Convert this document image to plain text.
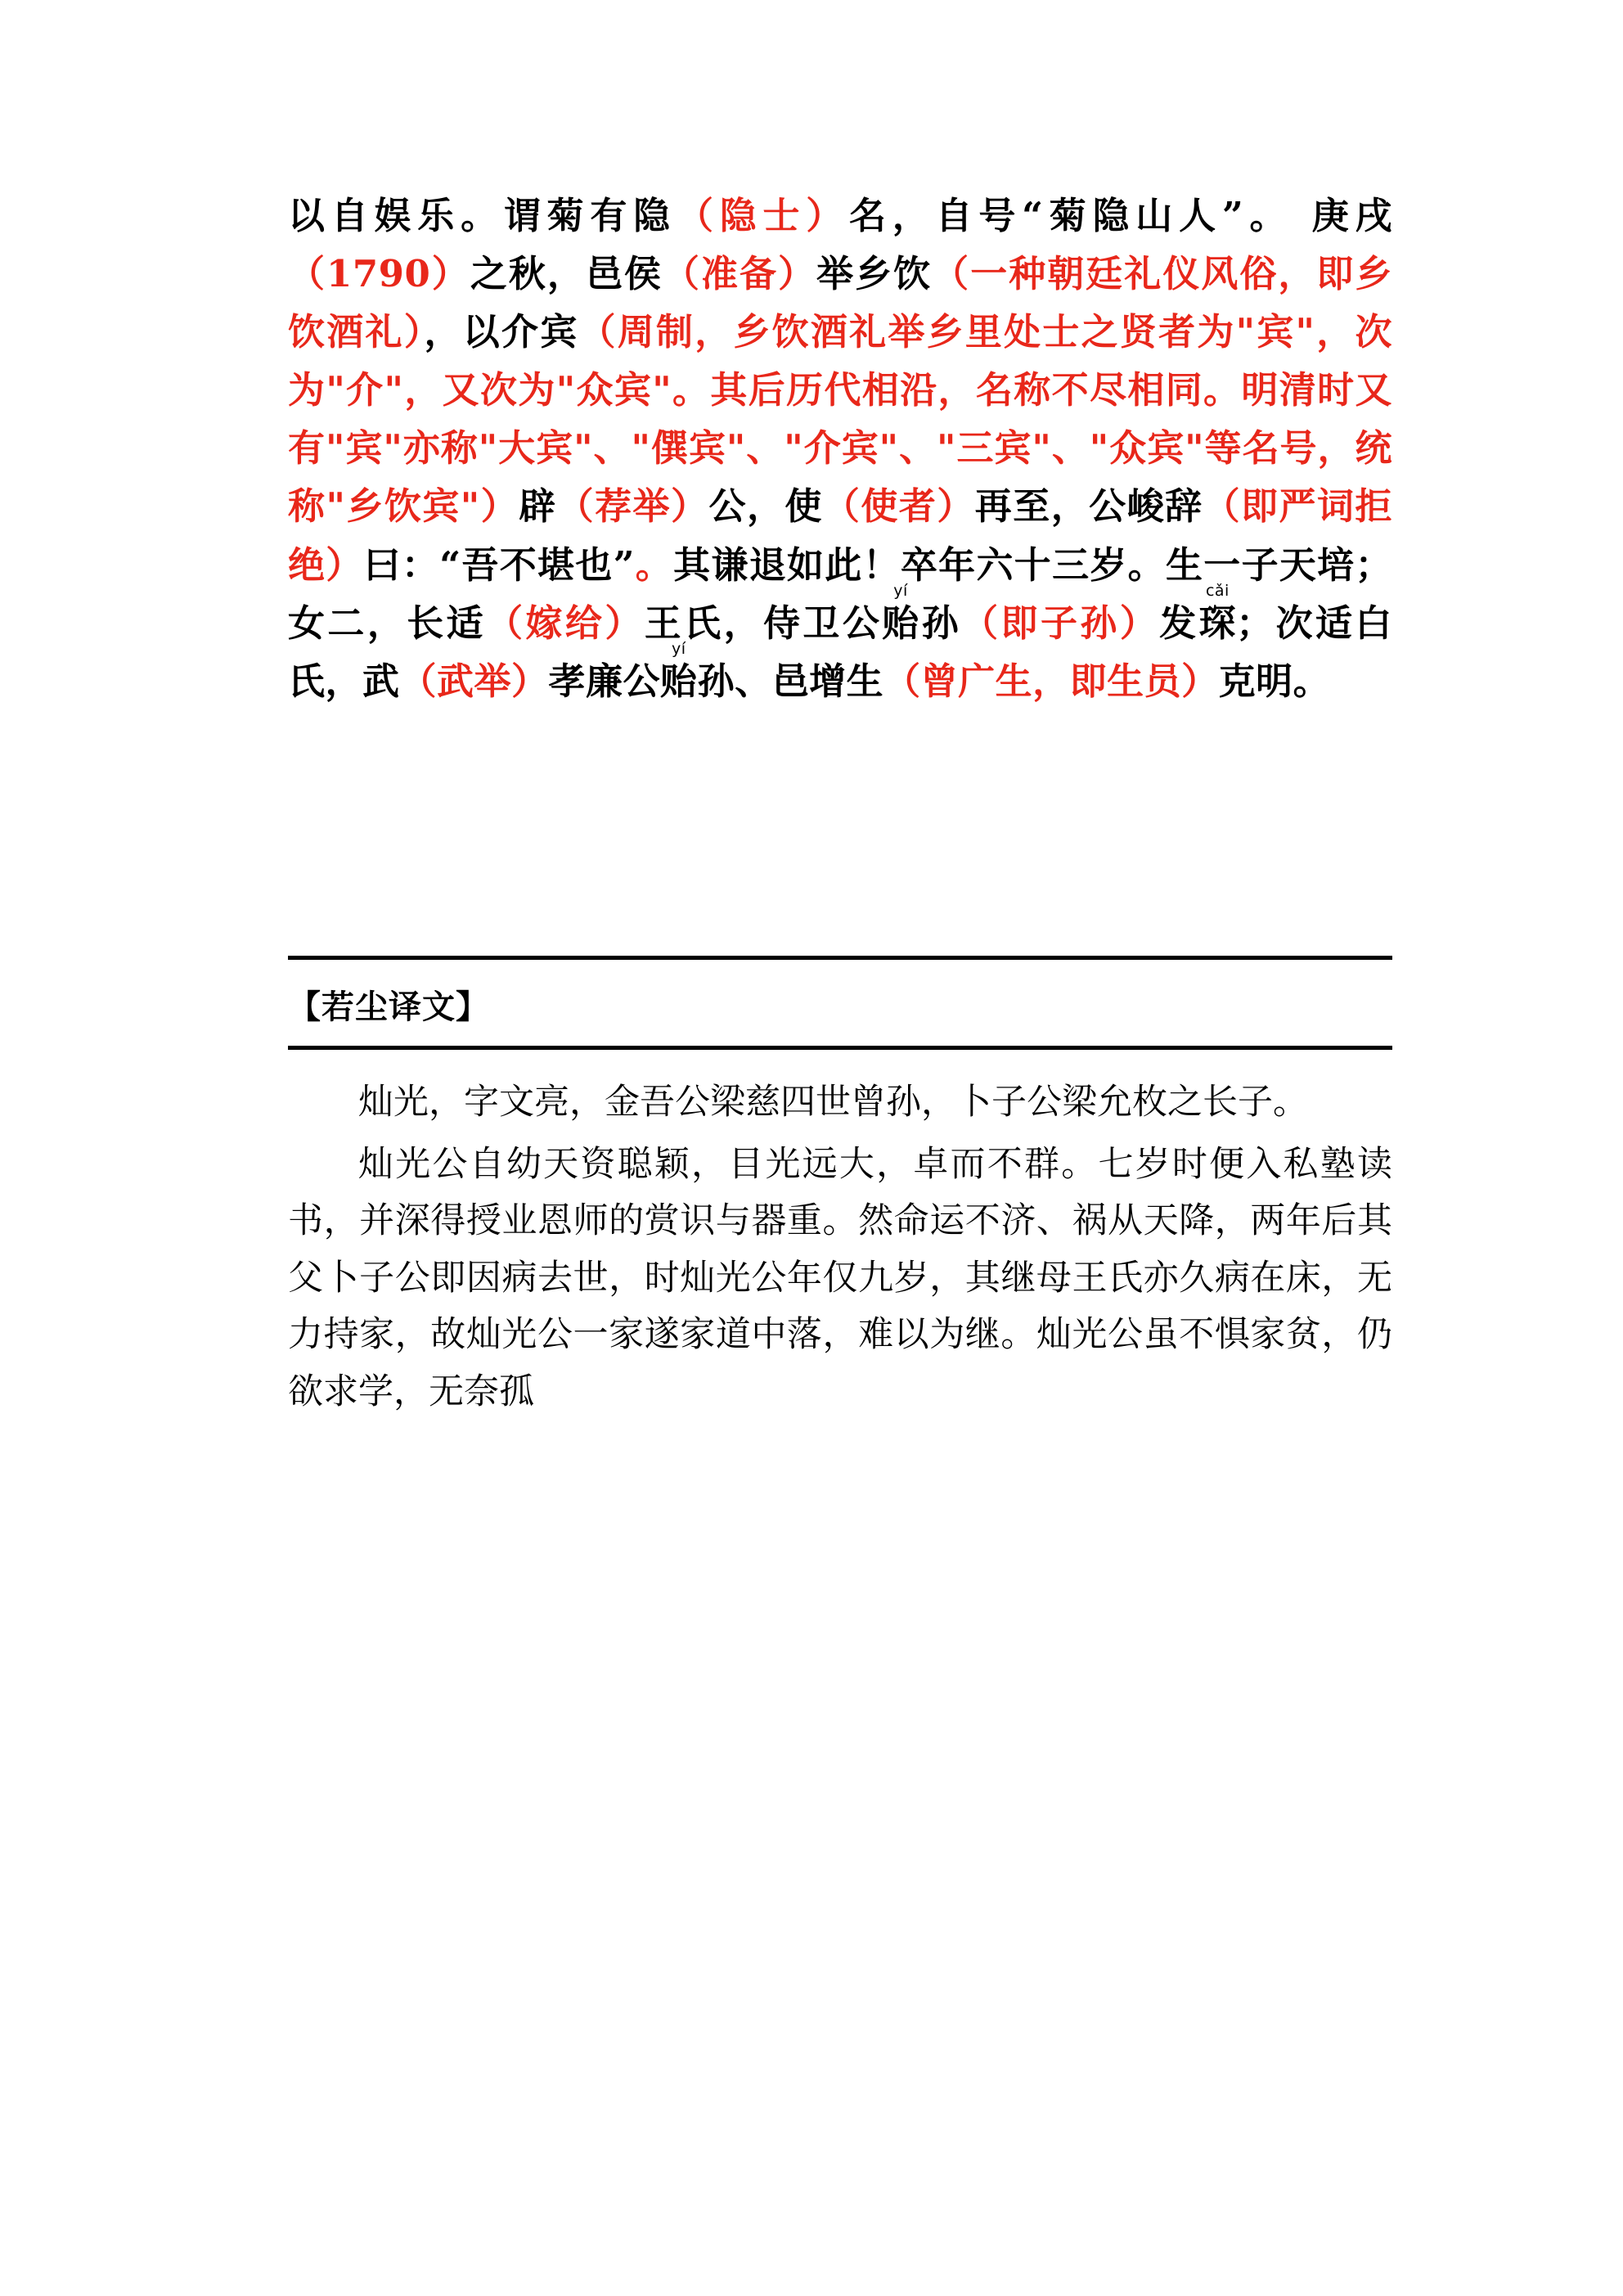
以自娱乐。谓菊有隐（隐士）名，自号“菊隐山人”。 庚戌（1790）之秋，邑侯（准备）举乡饮（一种朝廷礼仪风俗，即乡饮酒礼），以介宾（周制，乡饮酒礼举乡里处士之贤者为"宾"，次为"介"，又次为"众宾"。其后历代相沿，名称不尽相同。明清时又有"宾"亦称"大宾"、"僎宾"、"介宾"、"三宾"、"众宾"等名号，统称"乡饮宾"）辟（荐举）公，使（使者）再至，公峻辞（即严词拒绝）曰：“吾不堪也”。其谦退如此！卒年六十三岁。生一子天培；女二，长适（嫁给）王氏，侍卫公
yí
贻 孙（即子孙）发
cǎi
琛 ；次适白氏，武（武举）孝廉公
yí
贻 孙、邑增生（曾广生，即生员）克明。
【若尘译文】

灿光，字文亮，金吾公梁慈四世曾孙，卜子公梁允枚之长子。

灿光公自幼天资聪颖，目光远大，卓而不群。七岁时便入私塾读书，并深得授业恩师的赏识与器重。然命运不济、祸从天降，两年后其父卜子公即因病去世，时灿光公年仅九岁，其继母王氏亦久病在床，无力持家，故灿光公一家遂家道中落，难以为继。灿光公虽不惧家贫，仍欲求学，无奈孤
